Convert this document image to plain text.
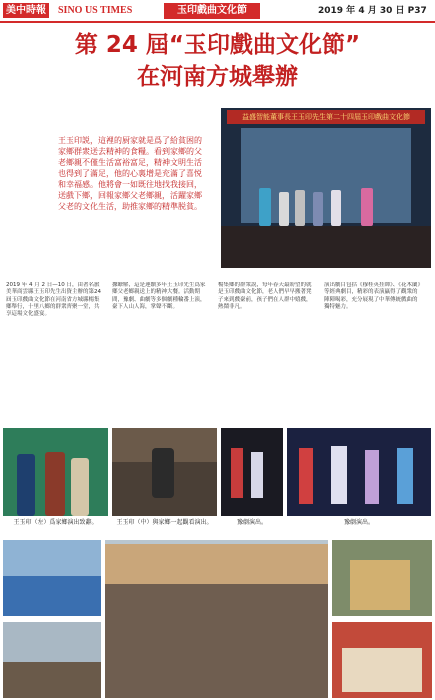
美中時報	SINO US TIMES	玉印戲曲文化節	2019 年 4 月 30 日 P37
第 24 屆“玉印戲曲文化節”
在河南方城舉辦
王玉印説，這裡的厨家就是爲了給貧困的家鄉群衆送去精神的食糧。看到家鄉的父老鄉親不僅生活富裕富足，精神文明生活也得到了滿足，他的心裏增是充滿了喜悦和幸福感。他將會一如既往地找我接回，送戲下鄉，回報家鄉父老鄉親，活躍家鄉父老的文化生活，助推家鄉的精準脱貧。
益盛智能董事長王玉印先生第二十四屆玉印戲曲文化節
2019 年 4 月 2 日—10 日，由著名旅美華商雲縣王玉印先生出資主辦的第24屆玉印戲曲文化節在河南省方城縣楊集鄉舉行，十里八鄉的群衆齊聚一堂，共享這場文化盛宴。
據瞭解，這是連續多年王玉印先生爲家鄉父老鄉親送上的精神大餐。活動期間，豫劇、曲劇等多個劇種輪番上演，臺下人山人海，掌聲不斷。
楊集鄉的群衆説，每年春天最盼望的就是玉印戲曲文化節，老人們早早搬著凳子來到戲臺前，孩子們在人群中嬉戲，熱鬧非凡。
演出劇目包括《穆桂英挂帥》、《花木蘭》等經典劇目，精彩的表演贏得了觀衆的陣陣喝彩，充分展現了中華傳統戲曲的獨特魅力。
王玉印（左）爲家鄉演出致辭。	王玉印（中）與家鄉一起觀看演出。	豫劇演出。	豫劇演出。
